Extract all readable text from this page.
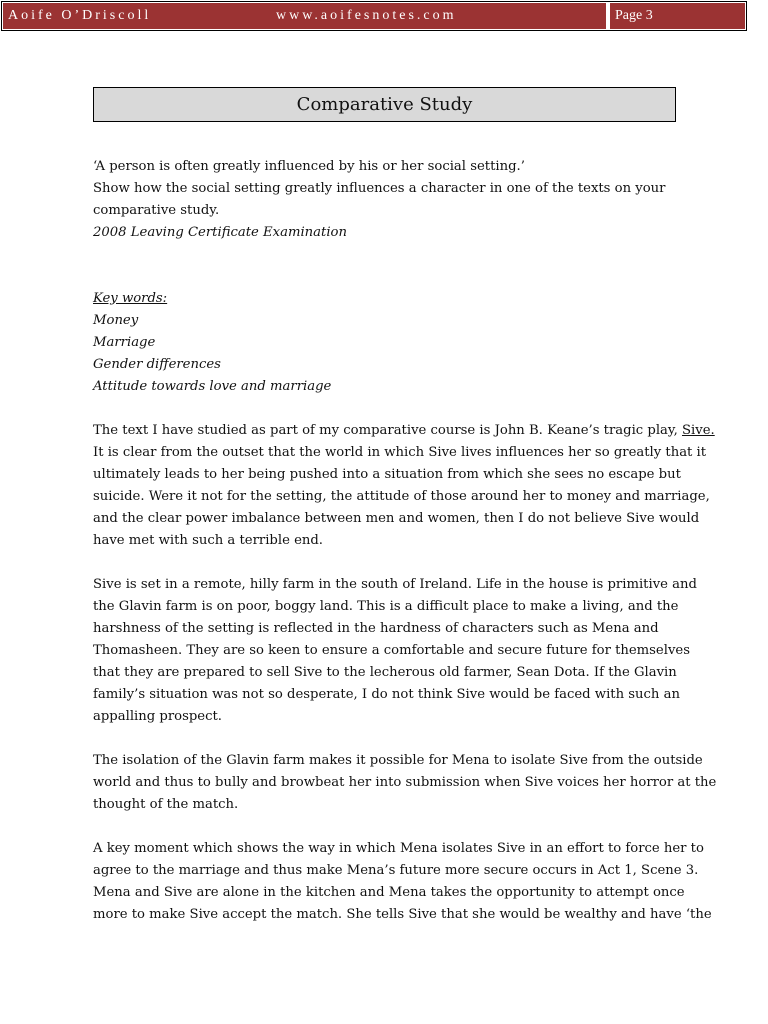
Aoife O’Driscoll	www.aoifesnotes.com	Page 3
Comparative Study
‘A person is often greatly influenced by his or her social setting.’
Show how the social setting greatly influences a character in one of the texts on your
comparative study.
2008 Leaving Certificate Examination
Key words:
Money
Marriage
Gender differences
Attitude towards love and marriage
The text I have studied as part of my comparative course is John B. Keane’s tragic play, Sive.
It is clear from the outset that the world in which Sive lives influences her so greatly that it
ultimately leads to her being pushed into a situation from which she sees no escape but
suicide. Were it not for the setting, the attitude of those around her to money and marriage,
and the clear power imbalance between men and women, then I do not believe Sive would
have met with such a terrible end.
Sive is set in a remote, hilly farm in the south of Ireland. Life in the house is primitive and
the Glavin farm is on poor, boggy land. This is a difficult place to make a living, and the
harshness of the setting is reflected in the hardness of characters such as Mena and
Thomasheen. They are so keen to ensure a comfortable and secure future for themselves
that they are prepared to sell Sive to the lecherous old farmer, Sean Dota. If the Glavin
family’s situation was not so desperate, I do not think Sive would be faced with such an
appalling prospect.
The isolation of the Glavin farm makes it possible for Mena to isolate Sive from the outside
world and thus to bully and browbeat her into submission when Sive voices her horror at the
thought of the match.
A key moment which shows the way in which Mena isolates Sive in an effort to force her to
agree to the marriage and thus make Mena’s future more secure occurs in Act 1, Scene 3.
Mena and Sive are alone in the kitchen and Mena takes the opportunity to attempt once
more to make Sive accept the match. She tells Sive that she would be wealthy and have ‘the
